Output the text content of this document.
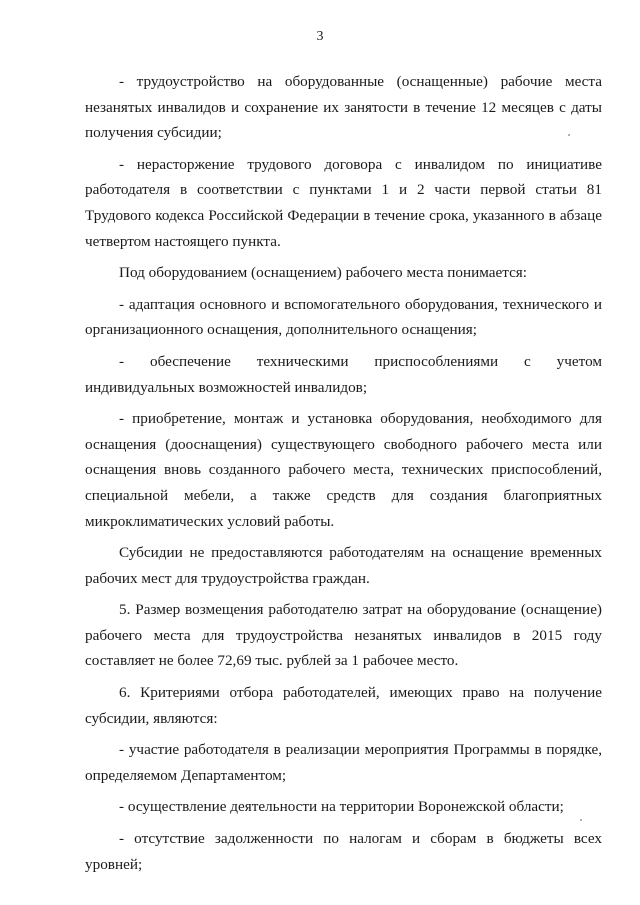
3

- трудоустройство на оборудованные (оснащенные) рабочие места незанятых инвалидов и сохранение их занятости в течение 12 месяцев с даты получения субсидии;

- нерасторжение трудового договора с инвалидом по инициативе работодателя в соответствии с пунктами 1 и 2 части первой статьи 81 Трудового кодекса Российской Федерации в течение срока, указанного в абзаце четвертом настоящего пункта.

Под оборудованием (оснащением) рабочего места понимается:

- адаптация основного и вспомогательного оборудования, технического и организационного оснащения, дополнительного оснащения;

- обеспечение техническими приспособлениями с учетом индивидуальных возможностей инвалидов;

- приобретение, монтаж и установка оборудования, необходимого для оснащения (дооснащения) существующего свободного рабочего места или оснащения вновь созданного рабочего места, технических приспособлений, специальной мебели, а также средств для создания благоприятных микроклиматических условий работы.

Субсидии не предоставляются работодателям на оснащение временных рабочих мест для трудоустройства граждан.

5. Размер возмещения работодателю затрат на оборудование (оснащение) рабочего места для трудоустройства незанятых инвалидов в 2015 году составляет не более 72,69 тыс. рублей за 1 рабочее место.

6. Критериями отбора работодателей, имеющих право на получение субсидии, являются:

- участие работодателя в реализации мероприятия Программы в порядке, определяемом Департаментом;

- осуществление деятельности на территории Воронежской области;

- отсутствие задолженности по налогам и сборам в бюджеты всех уровней;
